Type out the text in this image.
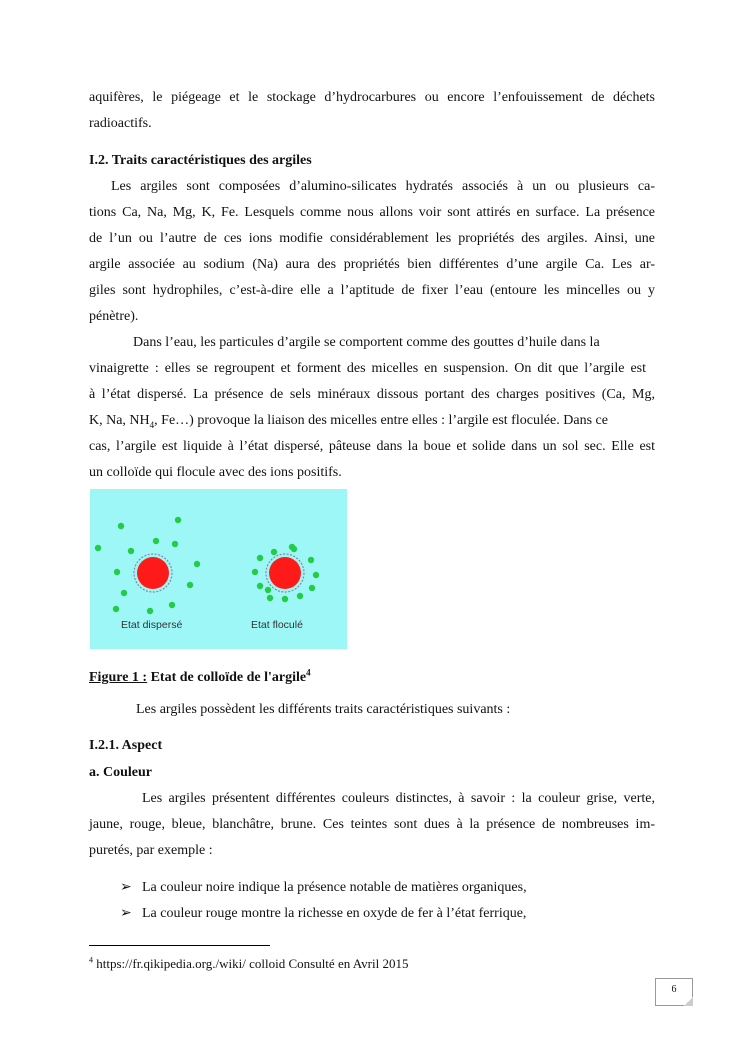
aquifères, le piégeage et le stockage d’hydrocarbures ou encore l’enfouissement de déchets
radioactifs.
I.2. Traits caractéristiques des argiles
Les argiles sont composées d’alumino-silicates hydratés associés à un ou plusieurs ca-
tions Ca, Na, Mg, K, Fe. Lesquels comme nous allons voir sont attirés en surface. La présence
de l’un ou l’autre de ces ions modifie considérablement les propriétés des argiles. Ainsi, une
argile associée au sodium (Na) aura des propriétés bien différentes d’une argile Ca. Les ar-
giles sont hydrophiles, c’est-à-dire elle a l’aptitude de fixer l’eau (entoure les mincelles ou y
pénètre).
Dans l’eau, les particules d’argile se comportent comme des gouttes d’huile dans la
vinaigrette : elles se regroupent et forment des micelles en suspension. On dit que l’argile est
à l’état dispersé. La présence de sels minéraux dissous portant des charges positives (Ca, Mg,
K, Na, $NH_4$, Fe…) provoque la liaison des micelles entre elles : l’argile est floculée. Dans ce
cas, l’argile est liquide à l’état dispersé, pâteuse dans la boue et solide dans un sol sec. Elle est
un colloïde qui flocule avec des ions positifs.
Etat dispersé	Etat floculé
Figure 1 : Etat de colloïde de l'argile$^4$
Les argiles possèdent les différents traits caractéristiques suivants :
I.2.1. Aspect
a. Couleur
Les argiles présentent différentes couleurs distinctes, à savoir : la couleur grise, verte,
jaune, rouge, bleue, blanchâtre, brune. Ces teintes sont dues à la présence de nombreuses im-
puretés, par exemple :
➢ La couleur noire indique la présence notable de matières organiques,
➢ La couleur rouge montre la richesse en oxyde de fer à l’état ferrique,
$^4$ https://fr.qikipedia.org./wiki/ colloid Consulté en Avril 2015
6
